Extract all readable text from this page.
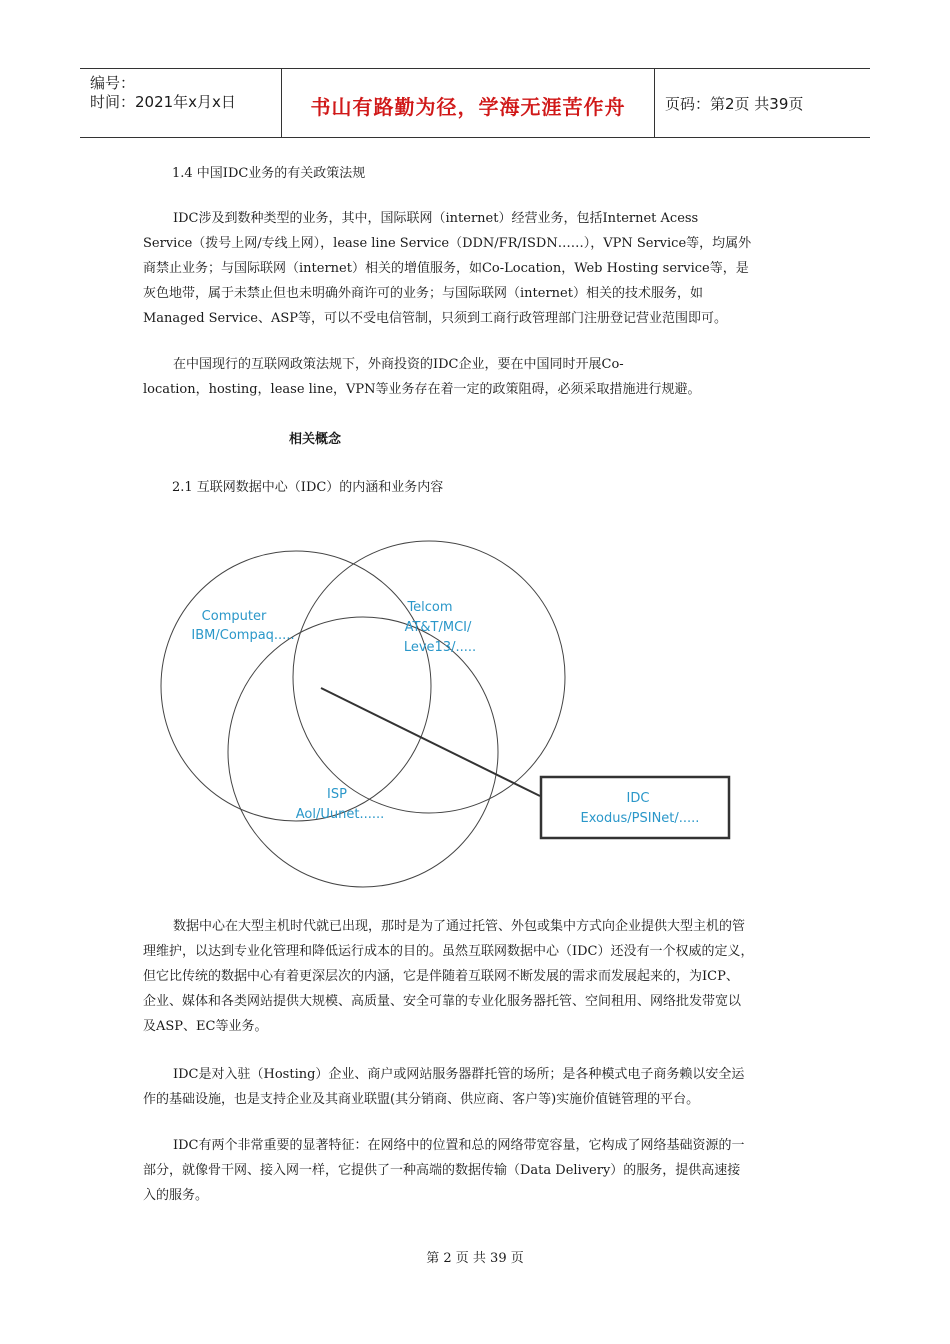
编号：
时间：2021年x月x日	书山有路勤为径，学海无涯苦作舟	页码：第2页 共39页
1.4 中国IDC业务的有关政策法规
IDC涉及到数种类型的业务，其中，国际联网（internet）经营业务，包括Internet Acess
Service（拨号上网/专线上网），lease line Service（DDN/FR/ISDN……），VPN Service等，均属外
商禁止业务；与国际联网（internet）相关的增值服务，如Co-Location，Web Hosting service等，是
灰色地带，属于未禁止但也未明确外商许可的业务；与国际联网（internet）相关的技术服务，如
Managed Service、ASP等，可以不受电信管制，只须到工商行政管理部门注册登记营业范围即可。
在中国现行的互联网政策法规下，外商投资的IDC企业，要在中国同时开展Co-
location，hosting，lease line，VPN等业务存在着一定的政策阻碍，必须采取措施进行规避。
相关概念
2.1 互联网数据中心（IDC）的内涵和业务内容
Computer
IBM/Compaq.....
Telcom
AT&T/MCI/
Leve13/.....
ISP
Aol/Uunet......
IDC
Exodus/PSINet/.....
数据中心在大型主机时代就已出现，那时是为了通过托管、外包或集中方式向企业提供大型主机的管
理维护，以达到专业化管理和降低运行成本的目的。虽然互联网数据中心（IDC）还没有一个权威的定义，
但它比传统的数据中心有着更深层次的内涵，它是伴随着互联网不断发展的需求而发展起来的，为ICP、
企业、媒体和各类网站提供大规模、高质量、安全可靠的专业化服务器托管、空间租用、网络批发带宽以
及ASP、EC等业务。
IDC是对入驻（Hosting）企业、商户或网站服务器群托管的场所；是各种模式电子商务赖以安全运
作的基础设施，也是支持企业及其商业联盟(其分销商、供应商、客户等)实施价值链管理的平台。
IDC有两个非常重要的显著特征：在网络中的位置和总的网络带宽容量，它构成了网络基础资源的一
部分，就像骨干网、接入网一样，它提供了一种高端的数据传输（Data Delivery）的服务，提供高速接
入的服务。
第 2 页 共 39 页
